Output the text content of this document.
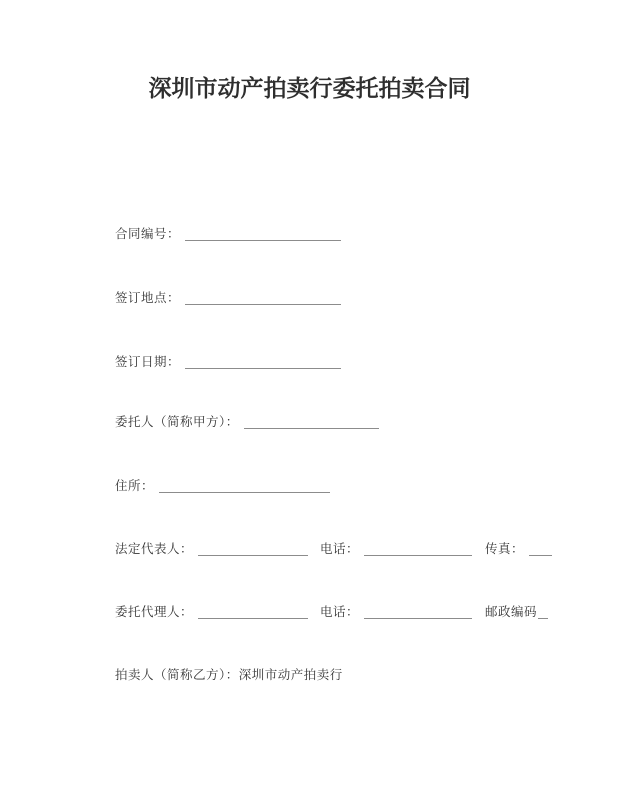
深圳市动产拍卖行委托拍卖合同
合同编号：
签订地点：
签订日期：
委托人（简称甲方）：
住所：
法定代表人：	电话：	传真：
委托代理人：	电话：	邮政编码
拍卖人（简称乙方）：深圳市动产拍卖行
